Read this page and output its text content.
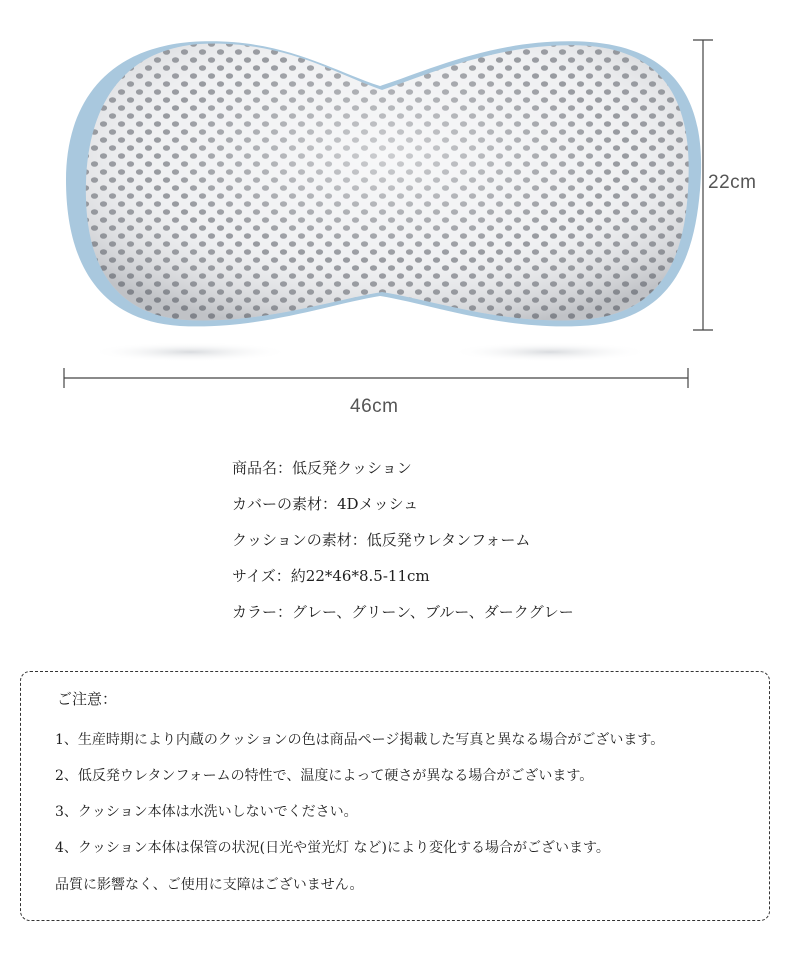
46cm
22cm
商品名：低反発クッション
カバーの素材：4Dメッシュ
クッションの素材：低反発ウレタンフォーム
サイズ：約22*46*8.5-11cm
カラー：グレー、グリーン、ブルー、ダークグレー
ご注意：
1、生産時期により内蔵のクッションの色は商品ページ掲載した写真と異なる場合がございます。
2、低反発ウレタンフォームの特性で、温度によって硬さが異なる場合がございます。
3、クッション本体は水洗いしないでください。
4、クッション本体は保管の状況(日光や蛍光灯 など)により変化する場合がございます。
品質に影響なく、ご使用に支障はございません。
